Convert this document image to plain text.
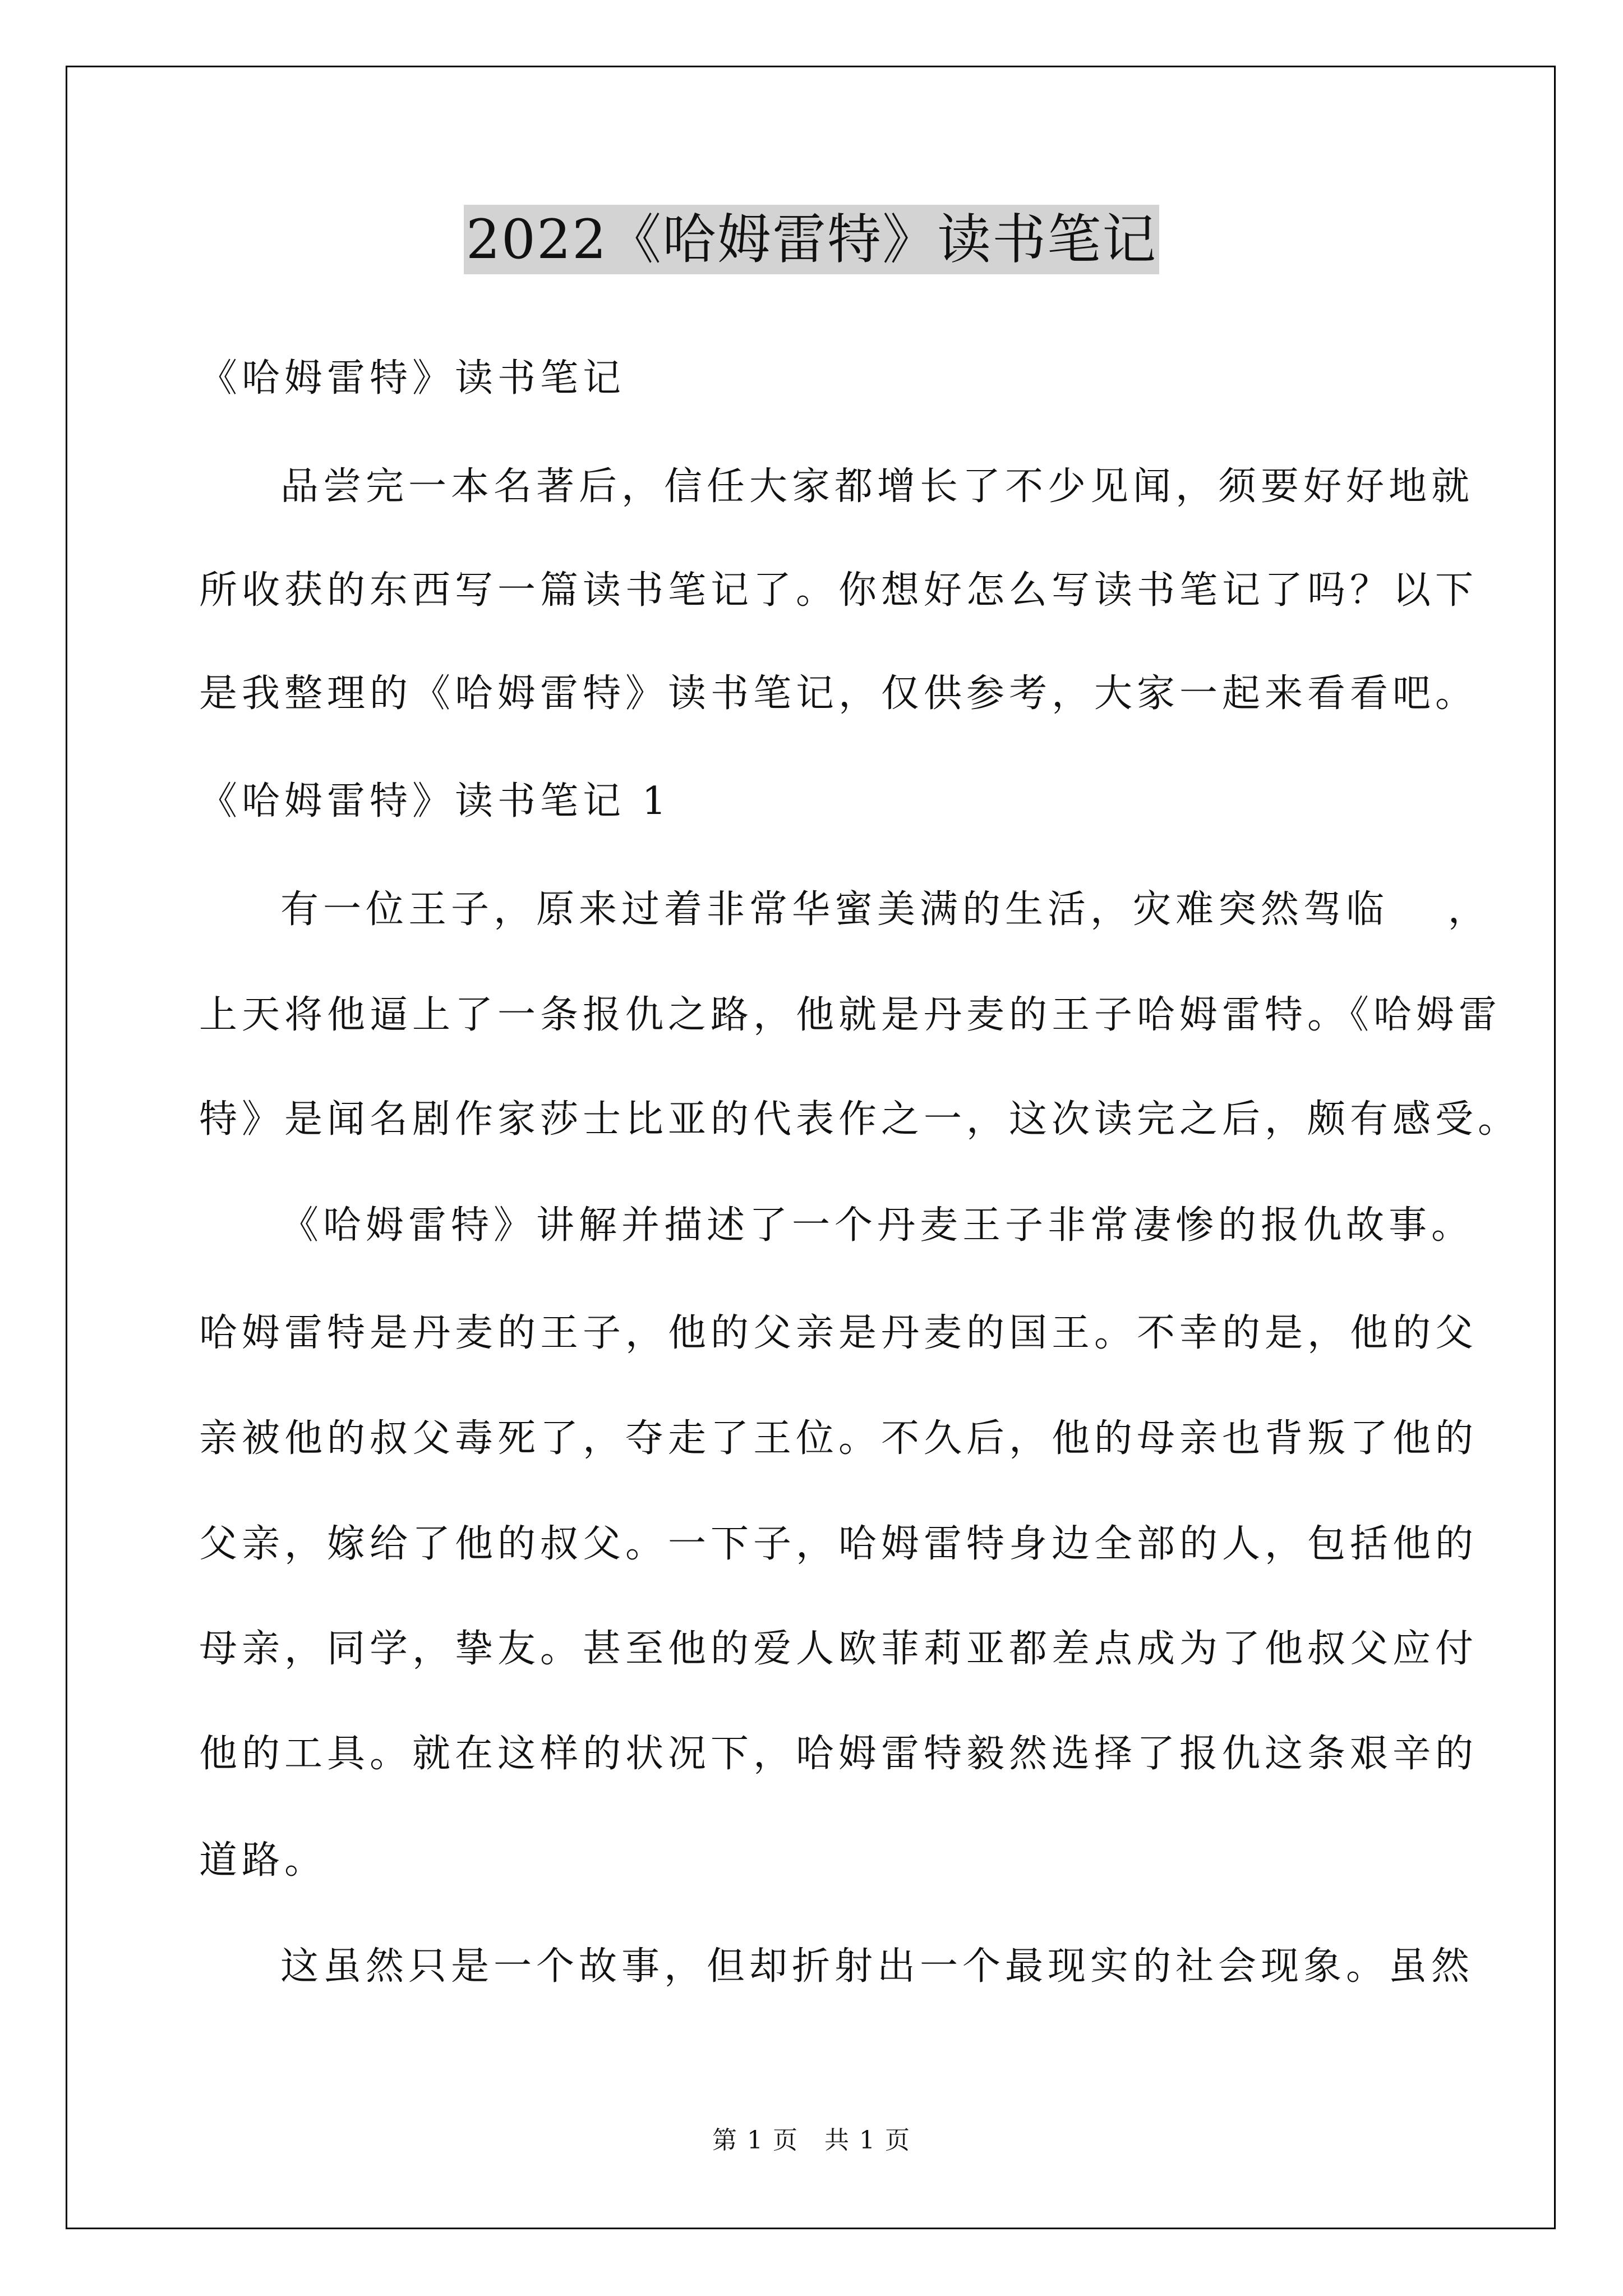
2022《哈姆雷特》读书笔记
《哈姆雷特》读书笔记
品尝完一本名著后，信任大家都增长了不少见闻，须要好好地就
所收获的东西写一篇读书笔记了。你想好怎么写读书笔记了吗？以下
是我整理的《哈姆雷特》读书笔记，仅供参考，大家一起来看看吧。
《哈姆雷特》读书笔记 1
有一位王子，原来过着非常华蜜美满的生活，灾难突然驾临　 ，
上天将他逼上了一条报仇之路，他就是丹麦的王子哈姆雷特。《哈姆雷
特》是闻名剧作家莎士比亚的代表作之一，这次读完之后，颇有感受。
《哈姆雷特》讲解并描述了一个丹麦王子非常凄惨的报仇故事。
哈姆雷特是丹麦的王子，他的父亲是丹麦的国王。不幸的是，他的父
亲被他的叔父毒死了，夺走了王位。不久后，他的母亲也背叛了他的
父亲，嫁给了他的叔父。一下子，哈姆雷特身边全部的人，包括他的
母亲，同学，挚友。甚至他的爱人欧菲莉亚都差点成为了他叔父应付
他的工具。就在这样的状况下，哈姆雷特毅然选择了报仇这条艰辛的
道路。
这虽然只是一个故事，但却折射出一个最现实的社会现象。虽然
第 1 页　共 1 页
